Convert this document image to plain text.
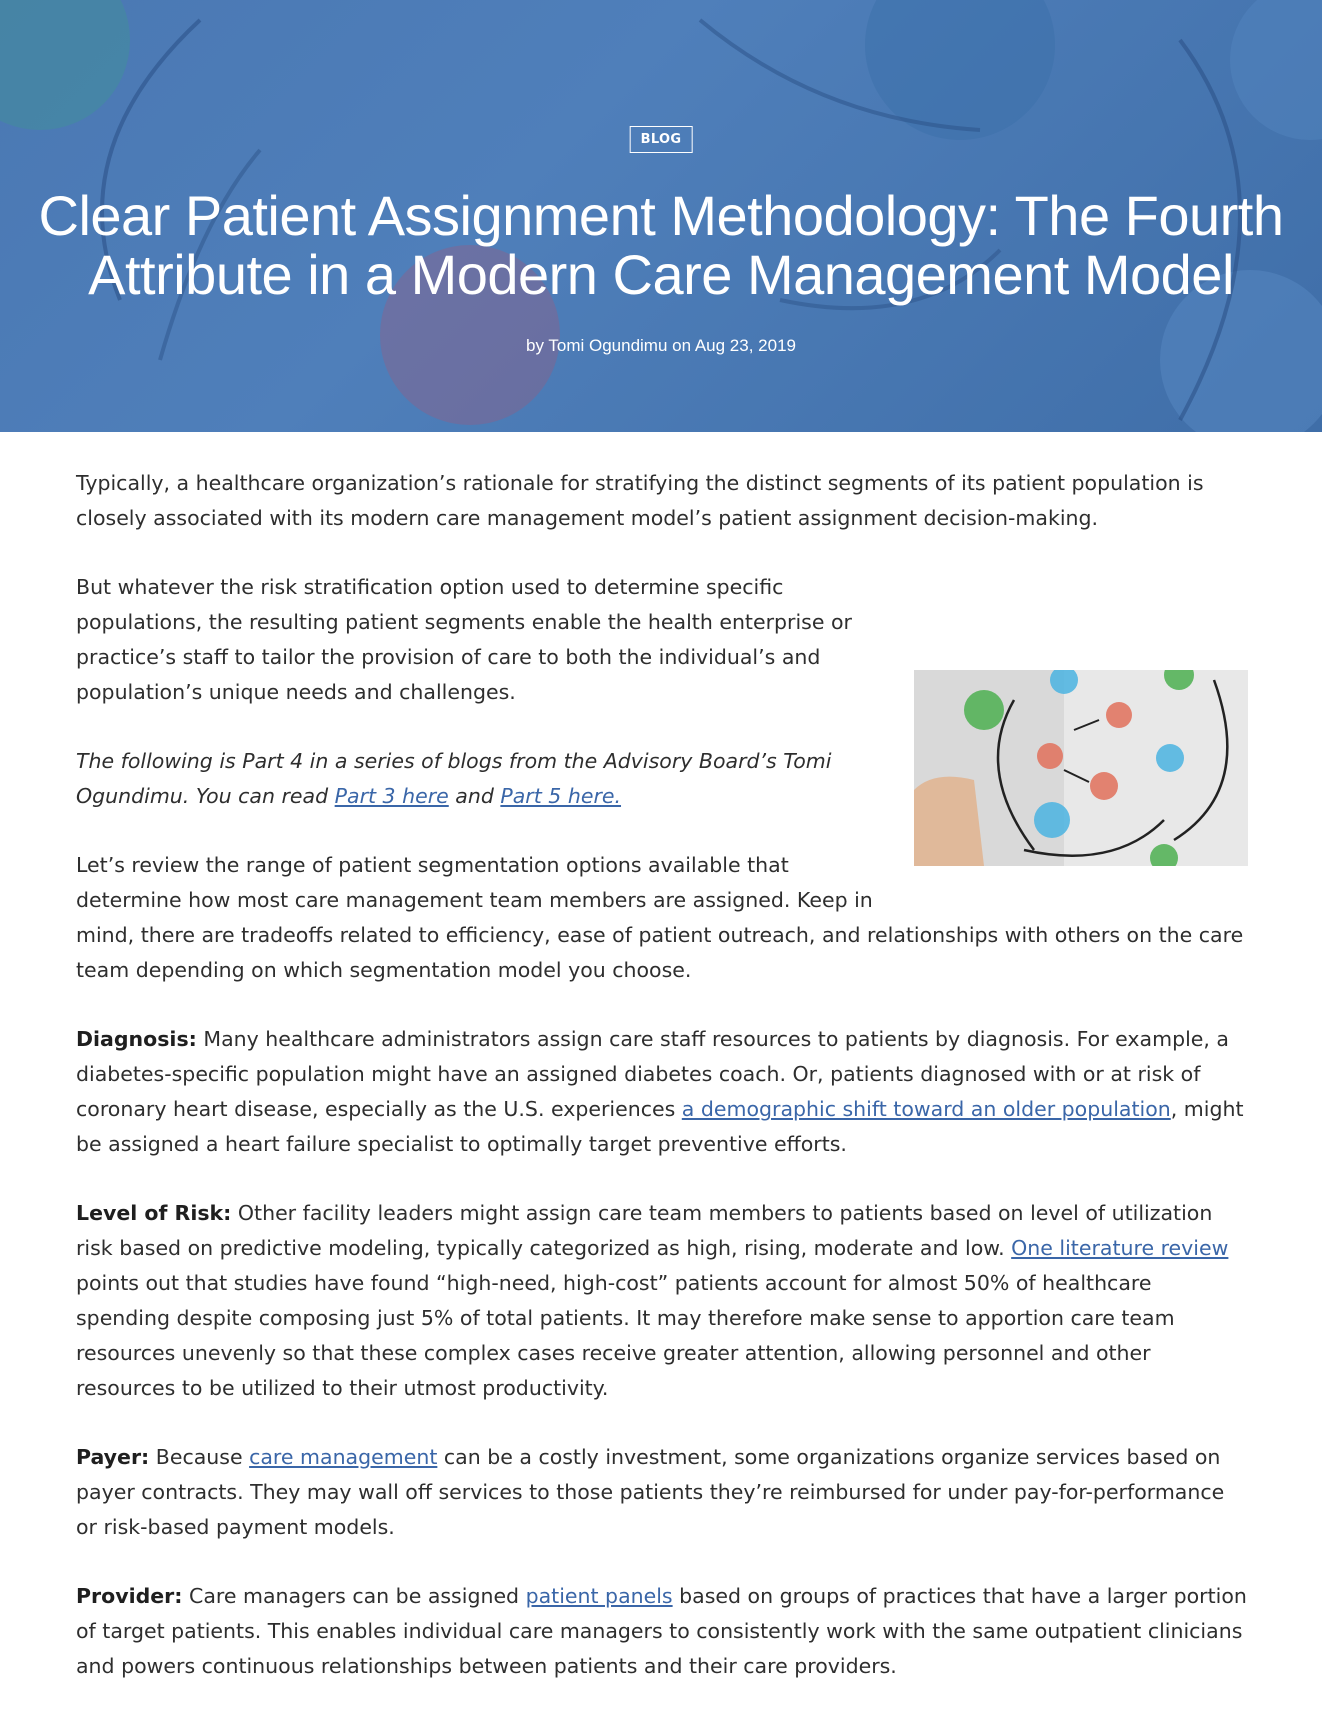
BLOG
Clear Patient Assignment Methodology: The Fourth Attribute in a Modern Care Management Model
by Tomi Ogundimu on Aug 23, 2019

Typically, a healthcare organization’s rationale for stratifying the distinct segments of its patient population is closely associated with its modern care management model’s patient assignment decision-making.

But whatever the risk stratification option used to determine specific populations, the resulting patient segments enable the health enterprise or practice’s staff to tailor the provision of care to both the individual’s and population’s unique needs and challenges.

The following is Part 4 in a series of blogs from the Advisory Board’s Tomi Ogundimu. You can read Part 3 here and Part 5 here.

Let’s review the range of patient segmentation options available that determine how most care management team members are assigned. Keep in mind, there are tradeoffs related to efficiency, ease of patient outreach, and relationships with others on the care team depending on which segmentation model you choose.

Diagnosis: Many healthcare administrators assign care staff resources to patients by diagnosis. For example, a diabetes-specific population might have an assigned diabetes coach. Or, patients diagnosed with or at risk of coronary heart disease, especially as the U.S. experiences a demographic shift toward an older population, might be assigned a heart failure specialist to optimally target preventive efforts.

Level of Risk: Other facility leaders might assign care team members to patients based on level of utilization risk based on predictive modeling, typically categorized as high, rising, moderate and low. One literature review points out that studies have found “high-need, high-cost” patients account for almost 50% of healthcare spending despite composing just 5% of total patients. It may therefore make sense to apportion care team resources unevenly so that these complex cases receive greater attention, allowing personnel and other resources to be utilized to their utmost productivity.

Payer: Because care management can be a costly investment, some organizations organize services based on payer contracts. They may wall off services to those patients they’re reimbursed for under pay-for-performance or risk-based payment models.

Provider: Care managers can be assigned patient panels based on groups of practices that have a larger portion of target patients. This enables individual care managers to consistently work with the same outpatient clinicians and powers continuous relationships between patients and their care providers.
